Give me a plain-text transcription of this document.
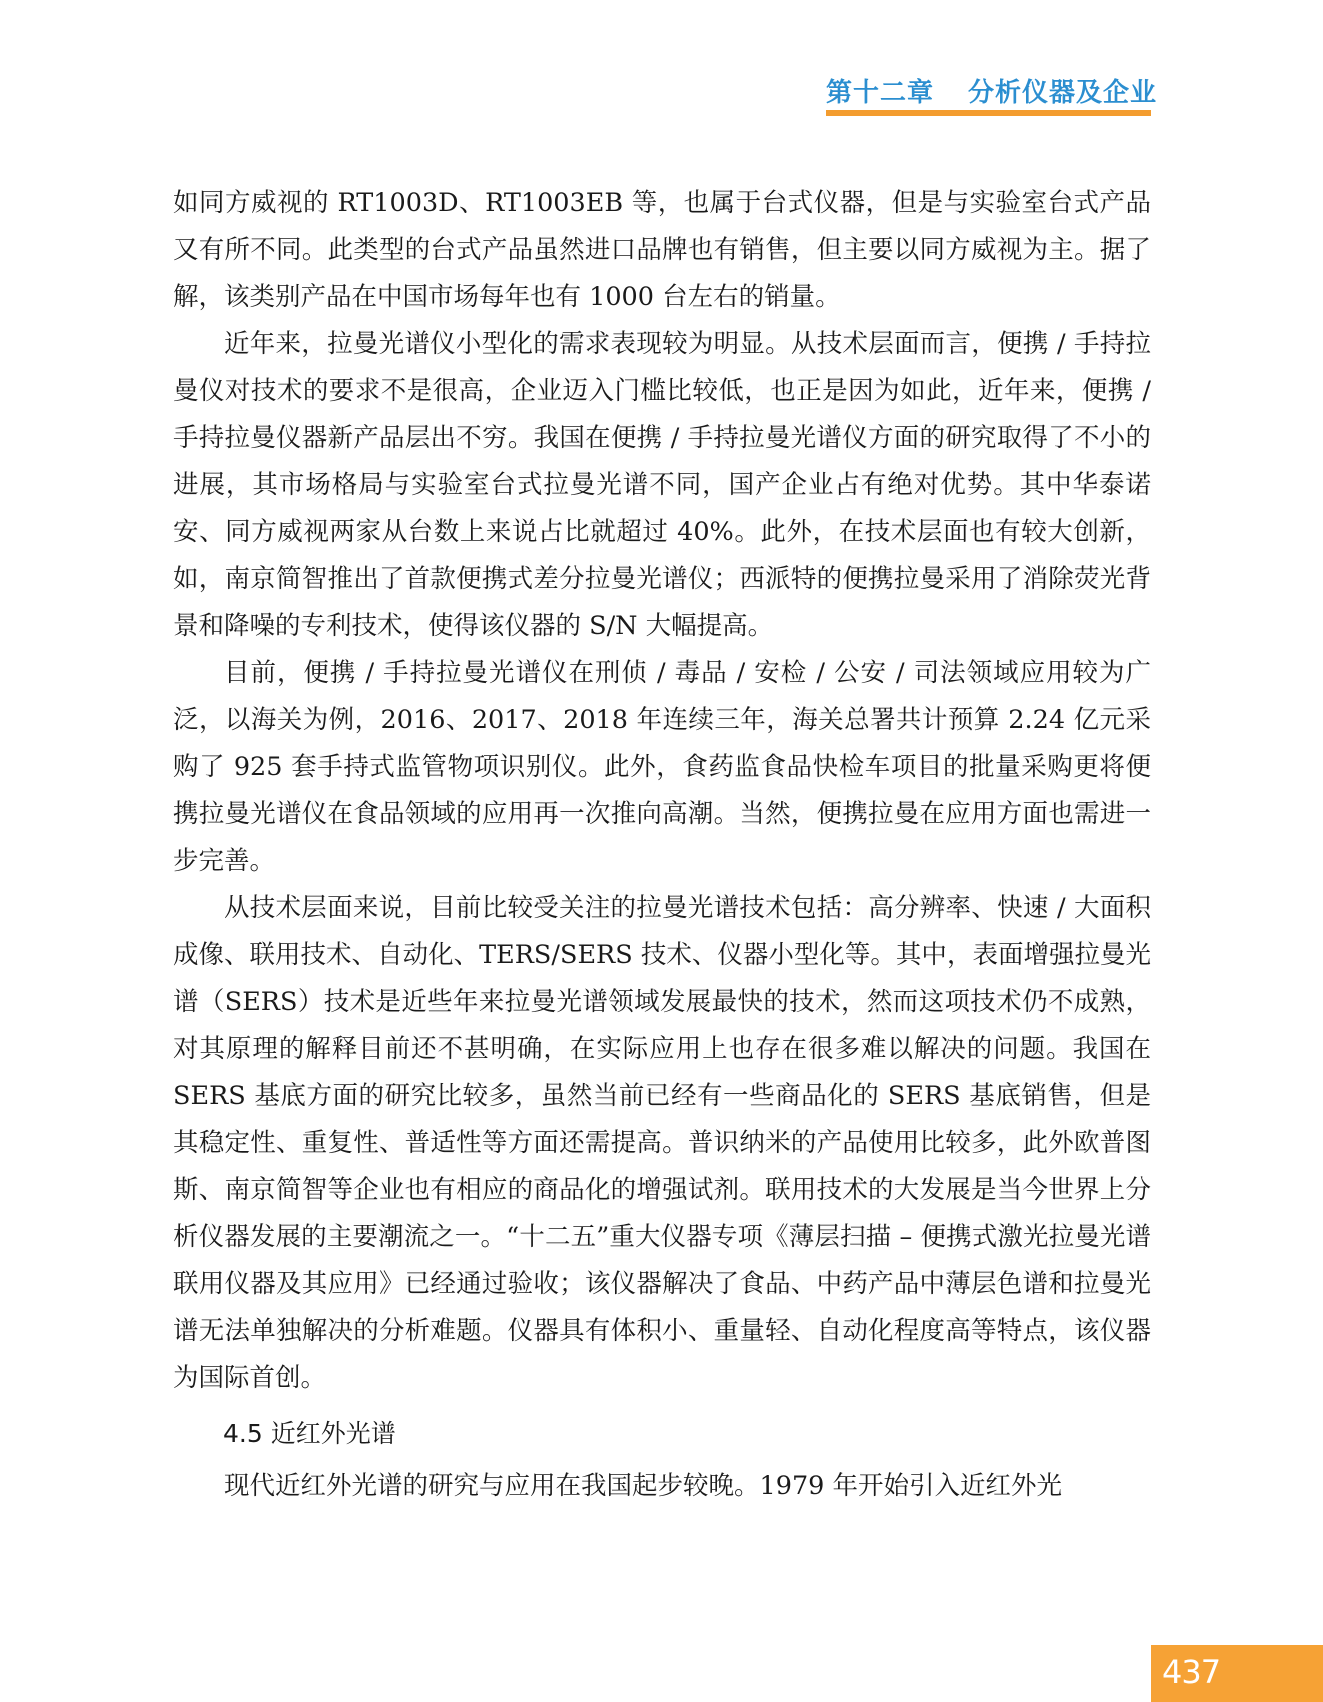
第十二章 分析仪器及企业

如同方威视的 RT1003D、RT1003EB 等，也属于台式仪器，但是与实验室台式产品又有所不同。此类型的台式产品虽然进口品牌也有销售，但主要以同方威视为主。据了解，该类别产品在中国市场每年也有 1000 台左右的销量。

近年来，拉曼光谱仪小型化的需求表现较为明显。从技术层面而言，便携 / 手持拉曼仪对技术的要求不是很高，企业迈入门槛比较低，也正是因为如此，近年来，便携 / 手持拉曼仪器新产品层出不穷。我国在便携 / 手持拉曼光谱仪方面的研究取得了不小的进展，其市场格局与实验室台式拉曼光谱不同，国产企业占有绝对优势。其中华泰诺安、同方威视两家从台数上来说占比就超过 40%。此外，在技术层面也有较大创新，如，南京简智推出了首款便携式差分拉曼光谱仪；西派特的便携拉曼采用了消除荧光背景和降噪的专利技术，使得该仪器的 S/N 大幅提高。

目前，便携 / 手持拉曼光谱仪在刑侦 / 毒品 / 安检 / 公安 / 司法领域应用较为广泛，以海关为例，2016、2017、2018 年连续三年，海关总署共计预算 2.24 亿元采购了 925 套手持式监管物项识别仪。此外，食药监食品快检车项目的批量采购更将便携拉曼光谱仪在食品领域的应用再一次推向高潮。当然，便携拉曼在应用方面也需进一步完善。

从技术层面来说，目前比较受关注的拉曼光谱技术包括：高分辨率、快速 / 大面积成像、联用技术、自动化、TERS/SERS 技术、仪器小型化等。其中，表面增强拉曼光谱（SERS）技术是近些年来拉曼光谱领域发展最快的技术，然而这项技术仍不成熟，对其原理的解释目前还不甚明确，在实际应用上也存在很多难以解决的问题。我国在 SERS 基底方面的研究比较多，虽然当前已经有一些商品化的 SERS 基底销售，但是其稳定性、重复性、普适性等方面还需提高。普识纳米的产品使用比较多，此外欧普图斯、南京简智等企业也有相应的商品化的增强试剂。联用技术的大发展是当今世界上分析仪器发展的主要潮流之一。“十二五”重大仪器专项《薄层扫描 – 便携式激光拉曼光谱联用仪器及其应用》已经通过验收；该仪器解决了食品、中药产品中薄层色谱和拉曼光谱无法单独解决的分析难题。仪器具有体积小、重量轻、自动化程度高等特点，该仪器为国际首创。

4.5 近红外光谱

现代近红外光谱的研究与应用在我国起步较晚。1979 年开始引入近红外光

437
